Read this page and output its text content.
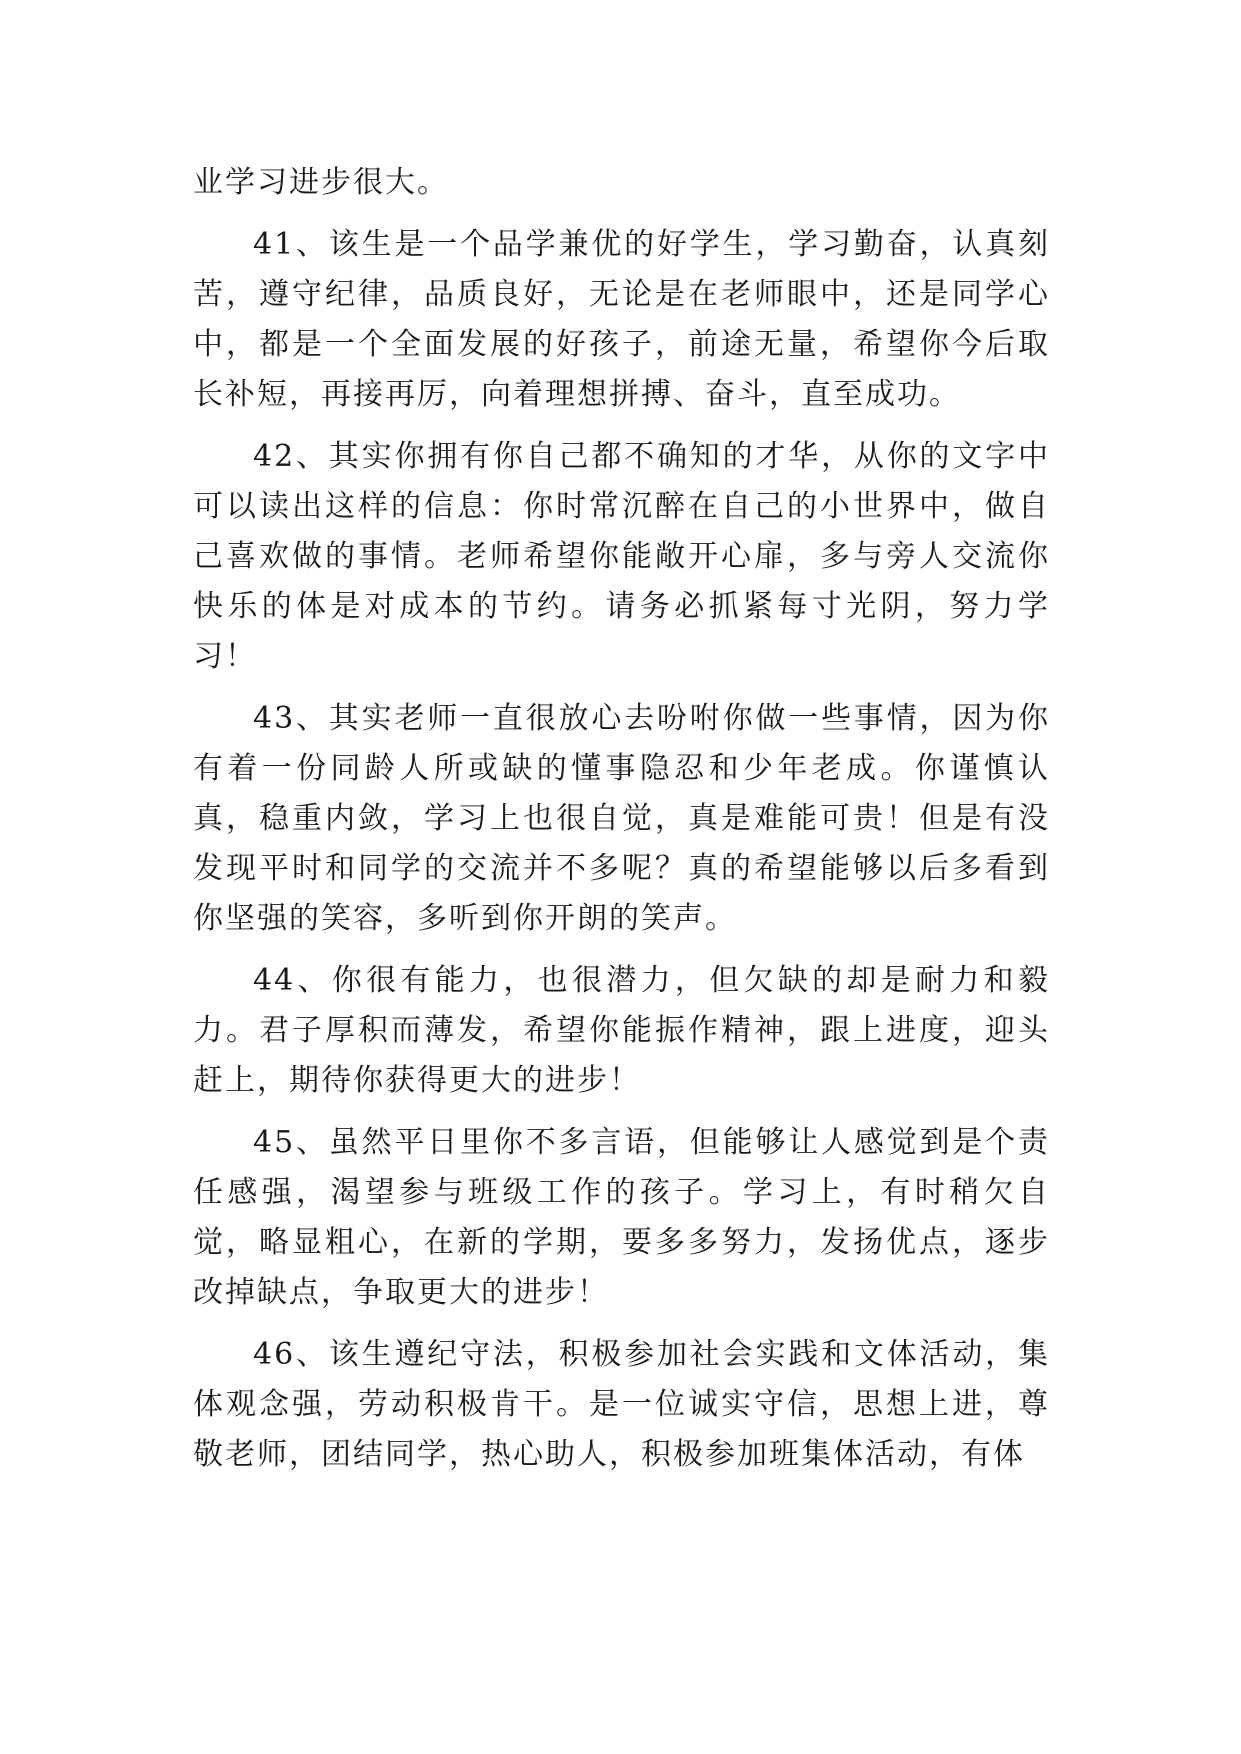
业学习进步很大。

41、该生是一个品学兼优的好学生，学习勤奋，认真刻苦，遵守纪律，品质良好，无论是在老师眼中，还是同学心中，都是一个全面发展的好孩子，前途无量，希望你今后取长补短，再接再厉，向着理想拼搏、奋斗，直至成功。

42、其实你拥有你自己都不确知的才华，从你的文字中可以读出这样的信息：你时常沉醉在自己的小世界中，做自己喜欢做的事情。老师希望你能敞开心扉，多与旁人交流你快乐的体是对成本的节约。请务必抓紧每寸光阴，努力学习！

43、其实老师一直很放心去吩咐你做一些事情，因为你有着一份同龄人所或缺的懂事隐忍和少年老成。你谨慎认真，稳重内敛，学习上也很自觉，真是难能可贵！但是有没发现平时和同学的交流并不多呢？真的希望能够以后多看到你坚强的笑容，多听到你开朗的笑声。

44、你很有能力，也很潜力，但欠缺的却是耐力和毅力。君子厚积而薄发，希望你能振作精神，跟上进度，迎头赶上，期待你获得更大的进步！

45、虽然平日里你不多言语，但能够让人感觉到是个责任感强，渴望参与班级工作的孩子。学习上，有时稍欠自觉，略显粗心，在新的学期，要多多努力，发扬优点，逐步改掉缺点，争取更大的进步！

46、该生遵纪守法，积极参加社会实践和文体活动，集体观念强，劳动积极肯干。是一位诚实守信，思想上进，尊敬老师，团结同学，热心助人，积极参加班集体活动，有体
